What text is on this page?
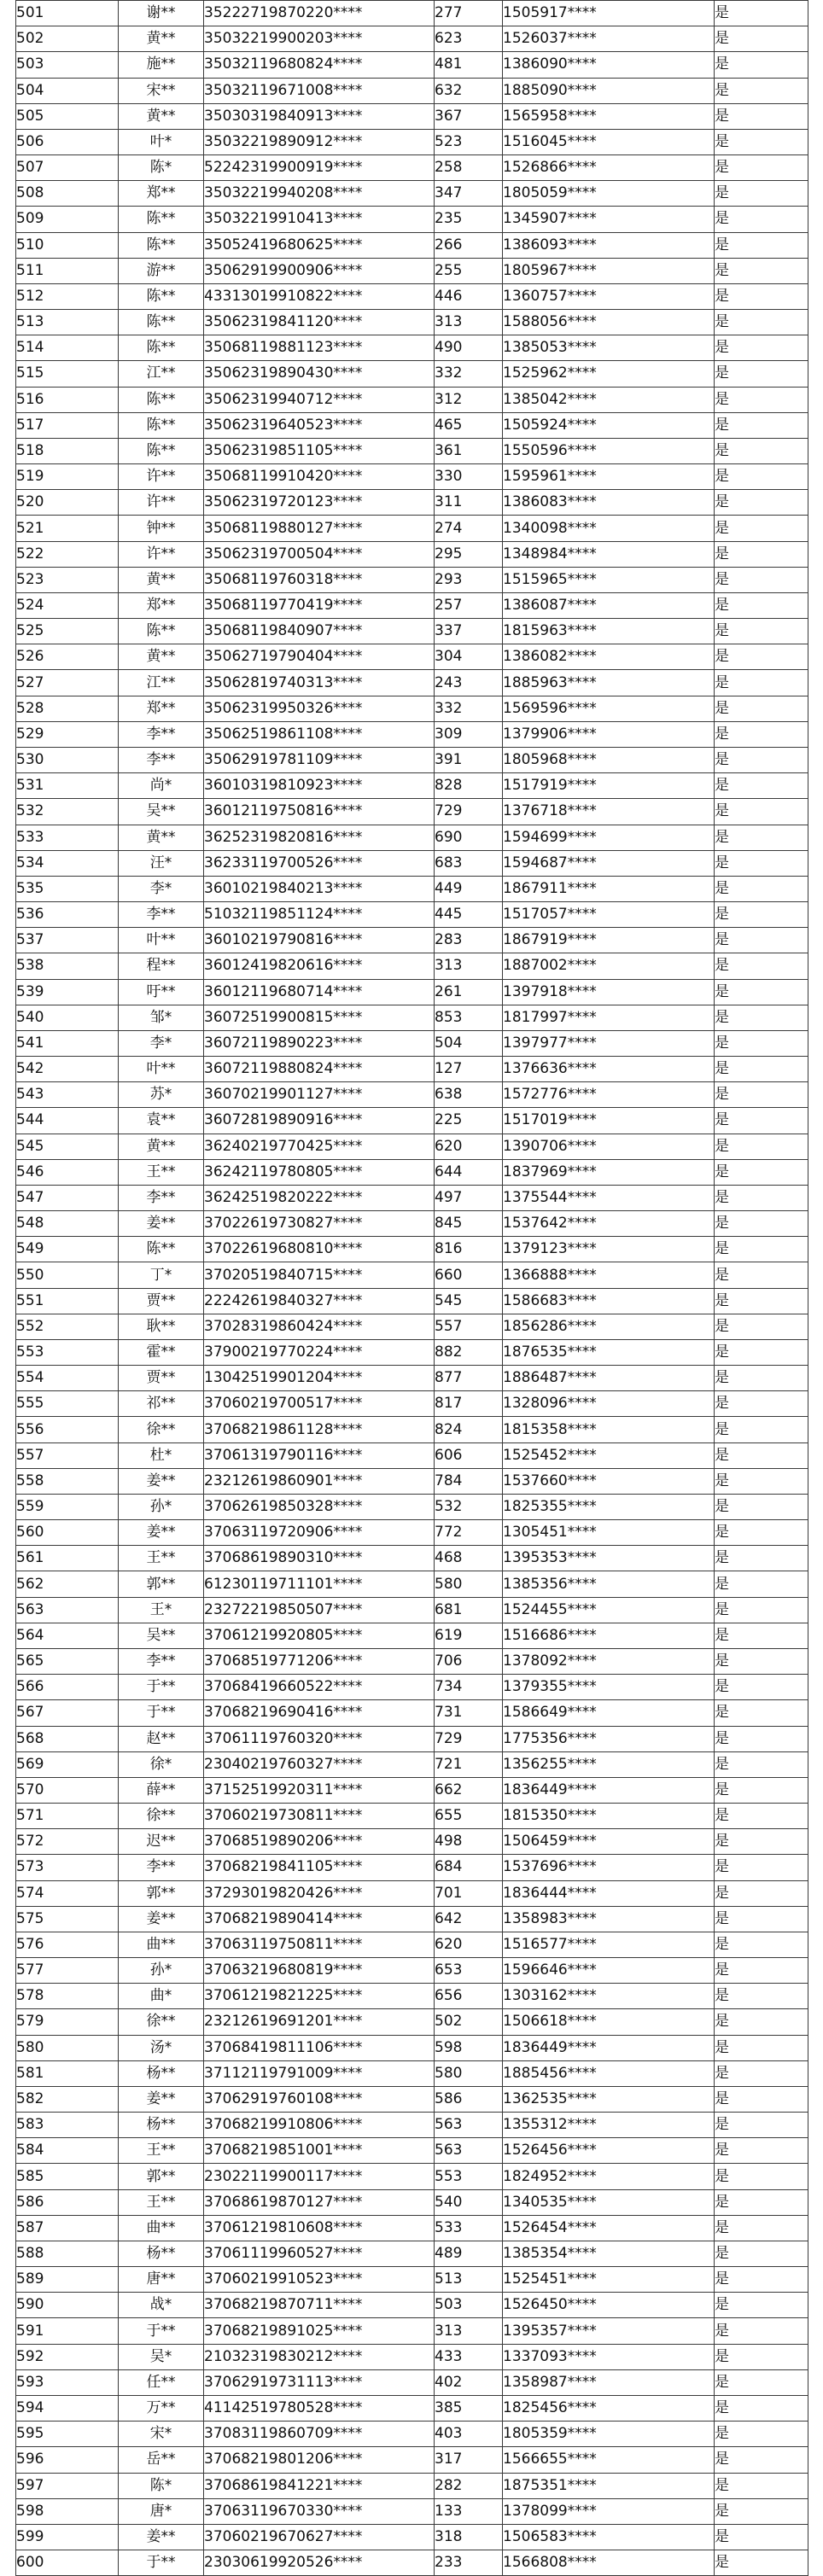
501	谢**	35222719870220****	277	1505917****	是
502	黄**	35032219900203****	623	1526037****	是
503	施**	35032119680824****	481	1386090****	是
504	宋**	35032119671008****	632	1885090****	是
505	黄**	35030319840913****	367	1565958****	是
506	叶*	35032219890912****	523	1516045****	是
507	陈*	52242319900919****	258	1526866****	是
508	郑**	35032219940208****	347	1805059****	是
509	陈**	35032219910413****	235	1345907****	是
510	陈**	35052419680625****	266	1386093****	是
511	游**	35062919900906****	255	1805967****	是
512	陈**	43313019910822****	446	1360757****	是
513	陈**	35062319841120****	313	1588056****	是
514	陈**	35068119881123****	490	1385053****	是
515	江**	35062319890430****	332	1525962****	是
516	陈**	35062319940712****	312	1385042****	是
517	陈**	35062319640523****	465	1505924****	是
518	陈**	35062319851105****	361	1550596****	是
519	许**	35068119910420****	330	1595961****	是
520	许**	35062319720123****	311	1386083****	是
521	钟**	35068119880127****	274	1340098****	是
522	许**	35062319700504****	295	1348984****	是
523	黄**	35068119760318****	293	1515965****	是
524	郑**	35068119770419****	257	1386087****	是
525	陈**	35068119840907****	337	1815963****	是
526	黄**	35062719790404****	304	1386082****	是
527	江**	35062819740313****	243	1885963****	是
528	郑**	35062319950326****	332	1569596****	是
529	李**	35062519861108****	309	1379906****	是
530	李**	35062919781109****	391	1805968****	是
531	尚*	36010319810923****	828	1517919****	是
532	吴**	36012119750816****	729	1376718****	是
533	黄**	36252319820816****	690	1594699****	是
534	汪*	36233119700526****	683	1594687****	是
535	李*	36010219840213****	449	1867911****	是
536	李**	51032119851124****	445	1517057****	是
537	叶**	36010219790816****	283	1867919****	是
538	程**	36012419820616****	313	1887002****	是
539	吁**	36012119680714****	261	1397918****	是
540	邹*	36072519900815****	853	1817997****	是
541	李*	36072119890223****	504	1397977****	是
542	叶**	36072119880824****	127	1376636****	是
543	苏*	36070219901127****	638	1572776****	是
544	袁**	36072819890916****	225	1517019****	是
545	黄**	36240219770425****	620	1390706****	是
546	王**	36242119780805****	644	1837969****	是
547	李**	36242519820222****	497	1375544****	是
548	姜**	37022619730827****	845	1537642****	是
549	陈**	37022619680810****	816	1379123****	是
550	丁*	37020519840715****	660	1366888****	是
551	贾**	22242619840327****	545	1586683****	是
552	耿**	37028319860424****	557	1856286****	是
553	霍**	37900219770224****	882	1876535****	是
554	贾**	13042519901204****	877	1886487****	是
555	祁**	37060219700517****	817	1328096****	是
556	徐**	37068219861128****	824	1815358****	是
557	杜*	37061319790116****	606	1525452****	是
558	姜**	23212619860901****	784	1537660****	是
559	孙*	37062619850328****	532	1825355****	是
560	姜**	37063119720906****	772	1305451****	是
561	王**	37068619890310****	468	1395353****	是
562	郭**	61230119711101****	580	1385356****	是
563	王*	23272219850507****	681	1524455****	是
564	吴**	37061219920805****	619	1516686****	是
565	李**	37068519771206****	706	1378092****	是
566	于**	37068419660522****	734	1379355****	是
567	于**	37068219690416****	731	1586649****	是
568	赵**	37061119760320****	729	1775356****	是
569	徐*	23040219760327****	721	1356255****	是
570	薛**	37152519920311****	662	1836449****	是
571	徐**	37060219730811****	655	1815350****	是
572	迟**	37068519890206****	498	1506459****	是
573	李**	37068219841105****	684	1537696****	是
574	郭**	37293019820426****	701	1836444****	是
575	姜**	37068219890414****	642	1358983****	是
576	曲**	37063119750811****	620	1516577****	是
577	孙*	37063219680819****	653	1596646****	是
578	曲*	37061219821225****	656	1303162****	是
579	徐**	23212619691201****	502	1506618****	是
580	汤*	37068419811106****	598	1836449****	是
581	杨**	37112119791009****	580	1885456****	是
582	姜**	37062919760108****	586	1362535****	是
583	杨**	37068219910806****	563	1355312****	是
584	王**	37068219851001****	563	1526456****	是
585	郭**	23022119900117****	553	1824952****	是
586	王**	37068619870127****	540	1340535****	是
587	曲**	37061219810608****	533	1526454****	是
588	杨**	37061119960527****	489	1385354****	是
589	唐**	37060219910523****	513	1525451****	是
590	战*	37068219870711****	503	1526450****	是
591	于**	37068219891025****	313	1395357****	是
592	吴*	21032319830212****	433	1337093****	是
593	任**	37062919731113****	402	1358987****	是
594	万**	41142519780528****	385	1825456****	是
595	宋*	37083119860709****	403	1805359****	是
596	岳**	37068219801206****	317	1566655****	是
597	陈*	37068619841221****	282	1875351****	是
598	唐*	37063119670330****	133	1378099****	是
599	姜**	37060219670627****	318	1506583****	是
600	于**	23030619920526****	233	1566808****	是
